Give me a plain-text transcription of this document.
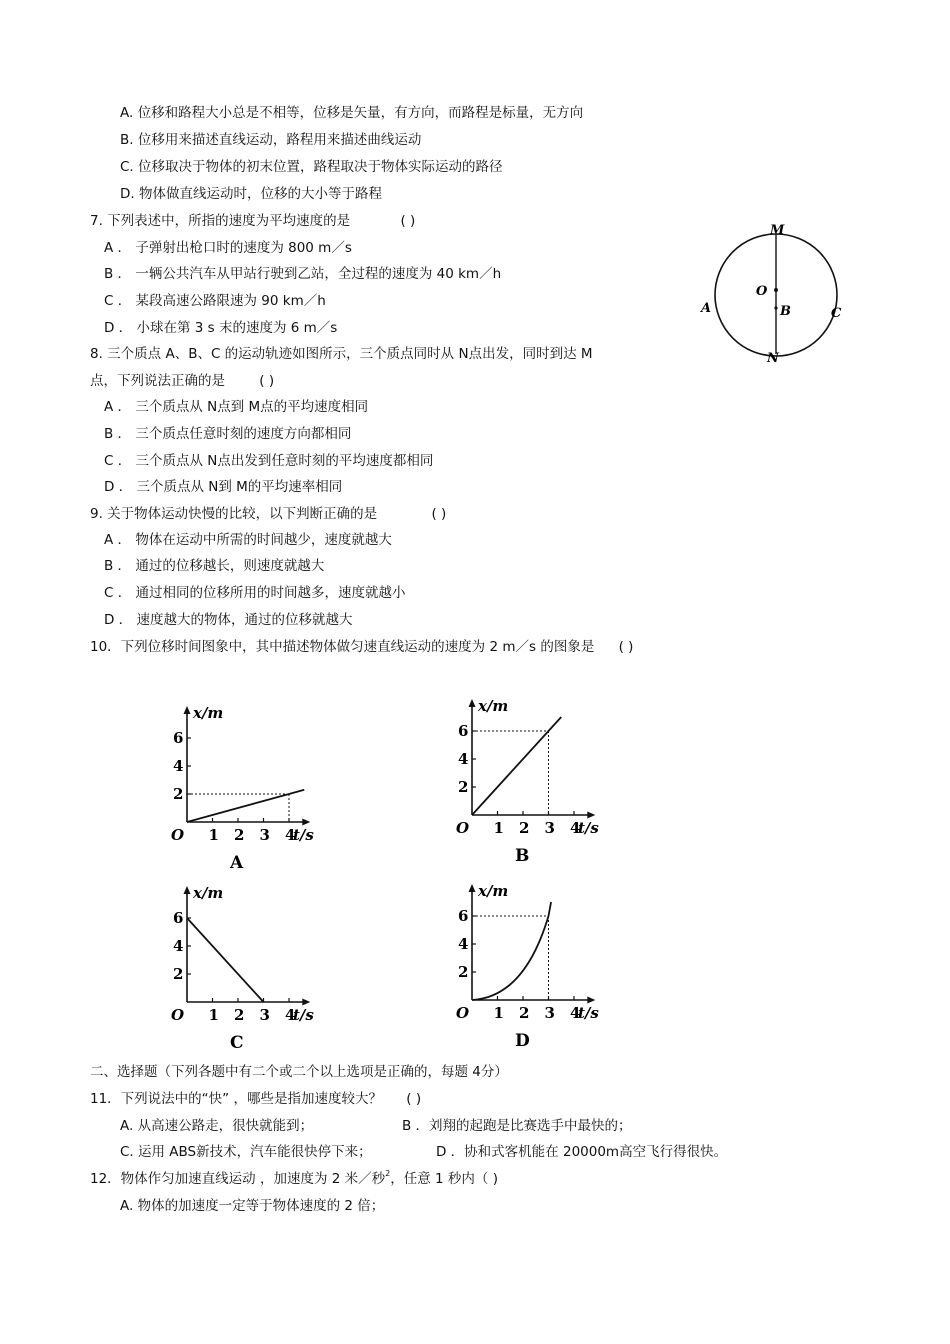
A. 位移和路程大小总是不相等，位移是矢量，有方向，而路程是标量，无方向
B. 位移用来描述直线运动，路程用来描述曲线运动
C. 位移取决于物体的初末位置，路程取决于物体实际运动的路径
D. 物体做直线运动时，位移的大小等于路程
7. 下列表述中，所指的速度为平均速度的是	( )
A ． 子弹射出枪口时的速度为 800 m／s
B ． 一辆公共汽车从甲站行驶到乙站，全过程的速度为 40 km／h
C ． 某段高速公路限速为 90 km／h
D ． 小球在第 3 s 末的速度为 6 m／s
M
N
O
B
A	C
8. 三个质点 A、B、C 的运动轨迹如图所示，三个质点同时从 N点出发，同时到达 M
点，下列说法正确的是	( )
A ． 三个质点从 N点到 M点的平均速度相同
B ． 三个质点任意时刻的速度方向都相同
C ． 三个质点从 N点出发到任意时刻的平均速度都相同
D ． 三个质点从 N到 M的平均速率相同
9. 关于物体运动快慢的比较，以下判断正确的是	( )
A ． 物体在运动中所需的时间越少，速度就越大
B ． 通过的位移越长，则速度就越大
C ． 通过相同的位移所用的时间越多，速度就越小
D ． 速度越大的物体，通过的位移就越大
10．下列位移时间图象中，其中描述物体做匀速直线运动的速度为 2 m／s 的图象是 ( )
1 2 3 4
2
4
6
O	t/s
x/m
A
1 2 3 4
2
4
6
O	t/s
x/m
B
1 2 3 4
2
4
6
O	t/s
x/m
C
1 2 3 4
2
4
6
O	t/s
x/m
D
二、选择题（下列各题中有二个或二个以上选项是正确的，每题 4分）
11．下列说法中的“快” ，哪些是指加速度较大？ ( )
A. 从高速公路走，很快就能到；	B ．刘翔的起跑是比赛选手中最快的；
C. 运用 ABS新技术，汽车能很快停下来；	D ．协和式客机能在 20000m高空飞行得很快。
12．物体作匀加速直线运动 ，加速度为 2 米／秒$^2$，任意 1 秒内（ )
A. 物体的加速度一定等于物体速度的 2 倍；
